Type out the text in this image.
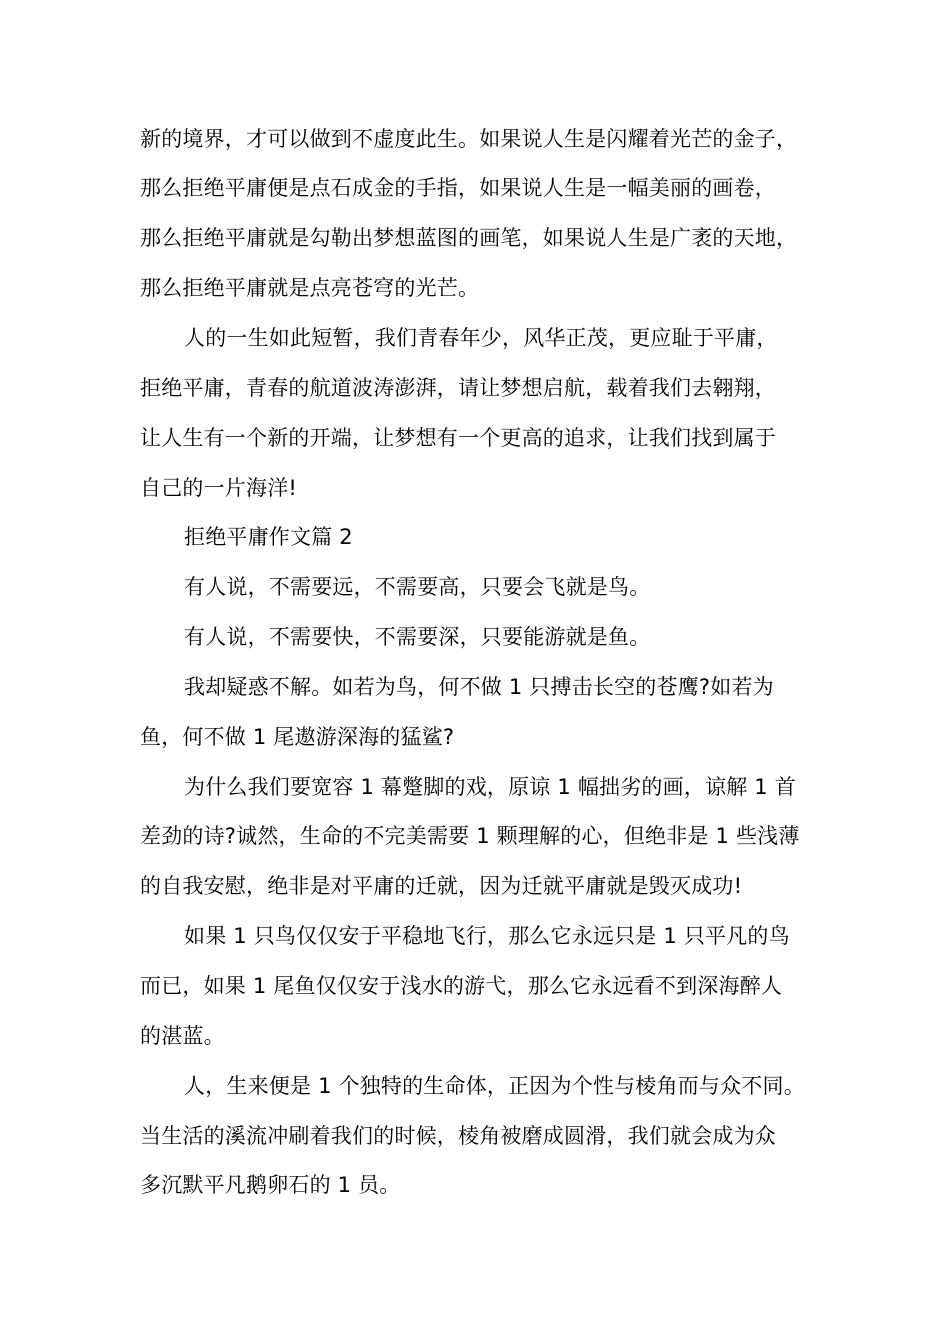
新的境界，才可以做到不虚度此生。如果说人生是闪耀着光芒的金子，

那么拒绝平庸便是点石成金的手指，如果说人生是一幅美丽的画卷，

那么拒绝平庸就是勾勒出梦想蓝图的画笔，如果说人生是广袤的天地，

那么拒绝平庸就是点亮苍穹的光芒。

人的一生如此短暂，我们青春年少，风华正茂，更应耻于平庸，

拒绝平庸，青春的航道波涛澎湃，请让梦想启航，载着我们去翱翔，

让人生有一个新的开端，让梦想有一个更高的追求，让我们找到属于

自己的一片海洋!

拒绝平庸作文篇 2

有人说，不需要远，不需要高，只要会飞就是鸟。

有人说，不需要快，不需要深，只要能游就是鱼。

我却疑惑不解。如若为鸟，何不做 1 只搏击长空的苍鹰?如若为

鱼，何不做 1 尾遨游深海的猛鲨?

为什么我们要宽容 1 幕蹩脚的戏，原谅 1 幅拙劣的画，谅解 1 首

差劲的诗?诚然，生命的不完美需要 1 颗理解的心，但绝非是 1 些浅薄

的自我安慰，绝非是对平庸的迁就，因为迁就平庸就是毁灭成功!

如果 1 只鸟仅仅安于平稳地飞行，那么它永远只是 1 只平凡的鸟

而已，如果 1 尾鱼仅仅安于浅水的游弋，那么它永远看不到深海醉人

的湛蓝。

人，生来便是 1 个独特的生命体，正因为个性与棱角而与众不同。

当生活的溪流冲刷着我们的时候，棱角被磨成圆滑，我们就会成为众

多沉默平凡鹅卵石的 1 员。
